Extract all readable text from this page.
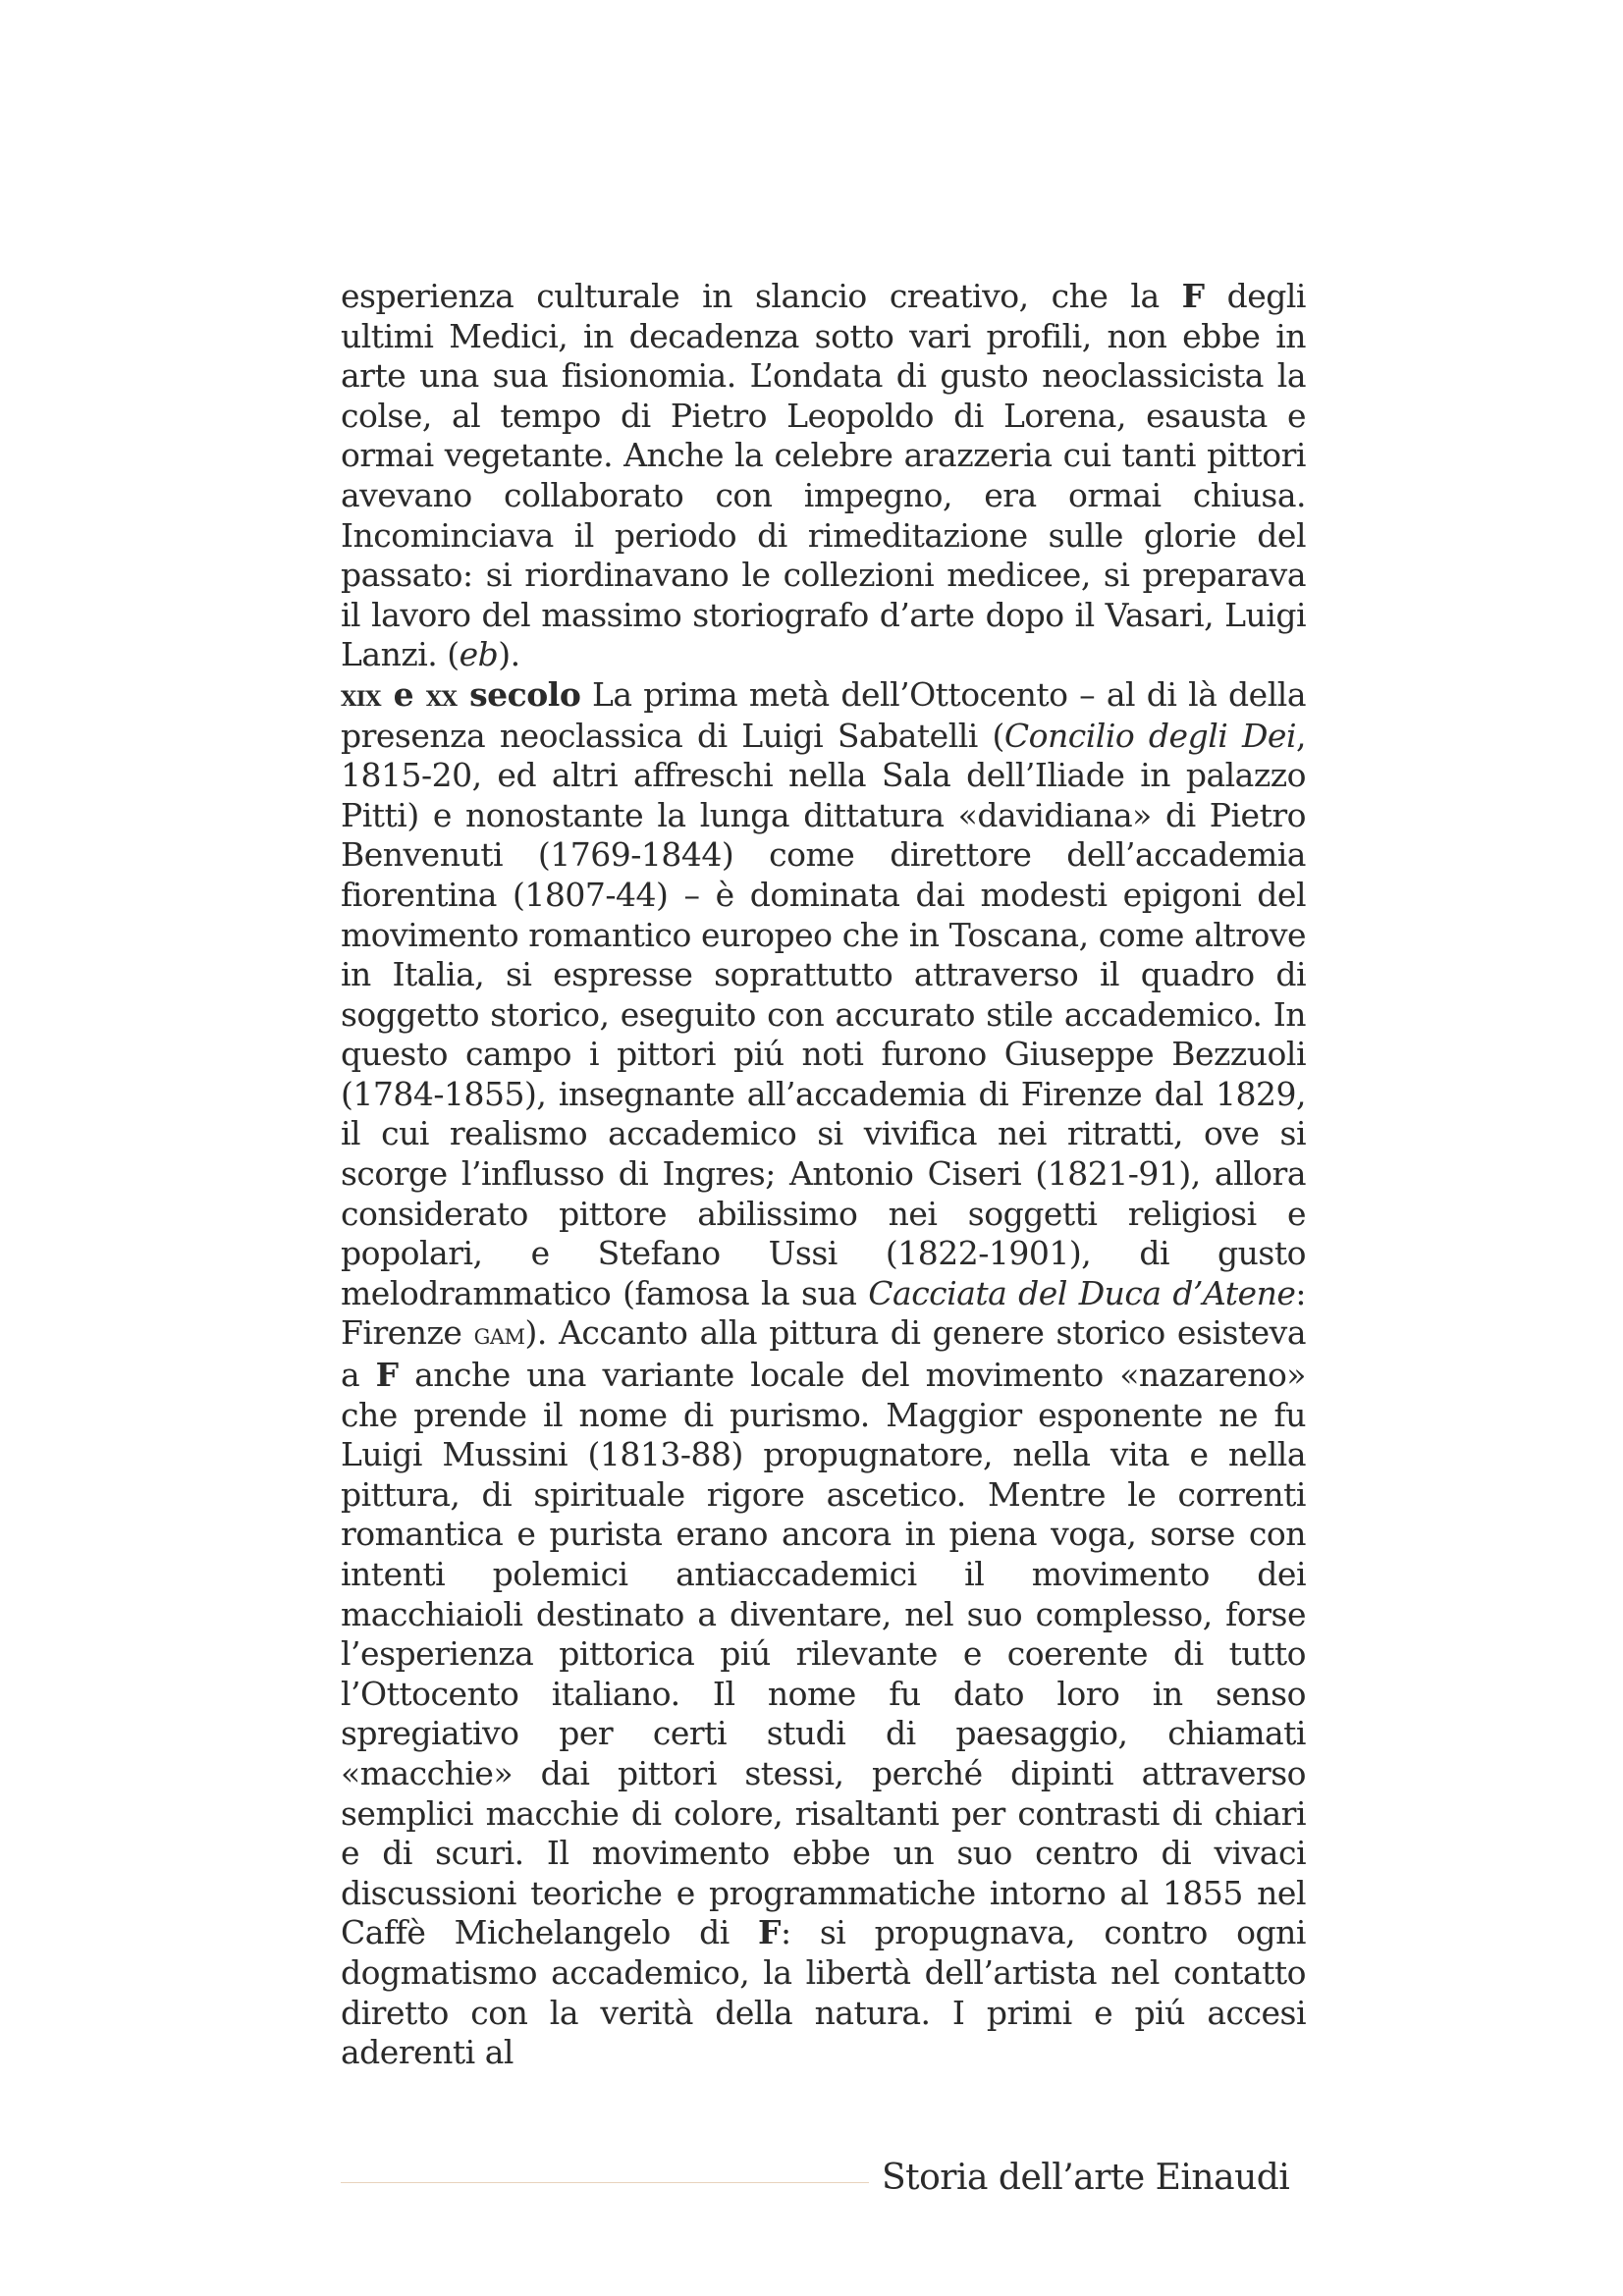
esperienza culturale in slancio creativo, che la F degli ultimi Medici, in decadenza sotto vari profili, non ebbe in arte una sua fisionomia. L’ondata di gusto neoclassicista la colse, al tempo di Pietro Leopoldo di Lorena, esausta e ormai vegetante. Anche la celebre arazzeria cui tanti pittori avevano collaborato con impegno, era ormai chiusa. Incominciava il periodo di rimeditazione sulle glorie del passato: si riordinavano le collezioni medicee, si preparava il lavoro del massimo storiografo d’arte dopo il Vasari, Luigi Lanzi. (eb).

xix e xx secolo La prima metà dell’Ottocento – al di là della presenza neoclassica di Luigi Sabatelli (Concilio degli Dei, 1815-20, ed altri affreschi nella Sala dell’Iliade in palazzo Pitti) e nonostante la lunga dittatura «davidiana» di Pietro Benvenuti (1769-1844) come direttore dell’accademia fiorentina (1807-44) – è dominata dai modesti epigoni del movimento romantico europeo che in Toscana, come altrove in Italia, si espresse soprattutto attraverso il quadro di soggetto storico, eseguito con accurato stile accademico. In questo campo i pittori piú noti furono Giuseppe Bezzuoli (1784-1855), insegnante all’accademia di Firenze dal 1829, il cui realismo accademico si vivifica nei ritratti, ove si scorge l’influsso di Ingres; Antonio Ciseri (1821-91), allora considerato pittore abilissimo nei soggetti religiosi e popolari, e Stefano Ussi (1822-1901), di gusto melodrammatico (famosa la sua Cacciata del Duca d’Atene: Firenze gam). Accanto alla pittura di genere storico esisteva a F anche una variante locale del movimento «nazareno» che prende il nome di purismo. Maggior esponente ne fu Luigi Mussini (1813-88) propugnatore, nella vita e nella pittura, di spirituale rigore ascetico. Mentre le correnti romantica e purista erano ancora in piena voga, sorse con intenti polemici antiaccademici il movimento dei macchiaioli destinato a diventare, nel suo complesso, forse l’esperienza pittorica piú rilevante e coerente di tutto l’Ottocento italiano. Il nome fu dato loro in senso spregiativo per certi studi di paesaggio, chiamati «macchie» dai pittori stessi, perché dipinti attraverso semplici macchie di colore, risaltanti per contrasti di chiari e di scuri. Il movimento ebbe un suo centro di vivaci discussioni teoriche e programmatiche intorno al 1855 nel Caffè Michelangelo di F: si propugnava, contro ogni dogmatismo accademico, la libertà dell’artista nel contatto diretto con la verità della natura. I primi e piú accesi aderenti al

Storia dell’arte Einaudi
